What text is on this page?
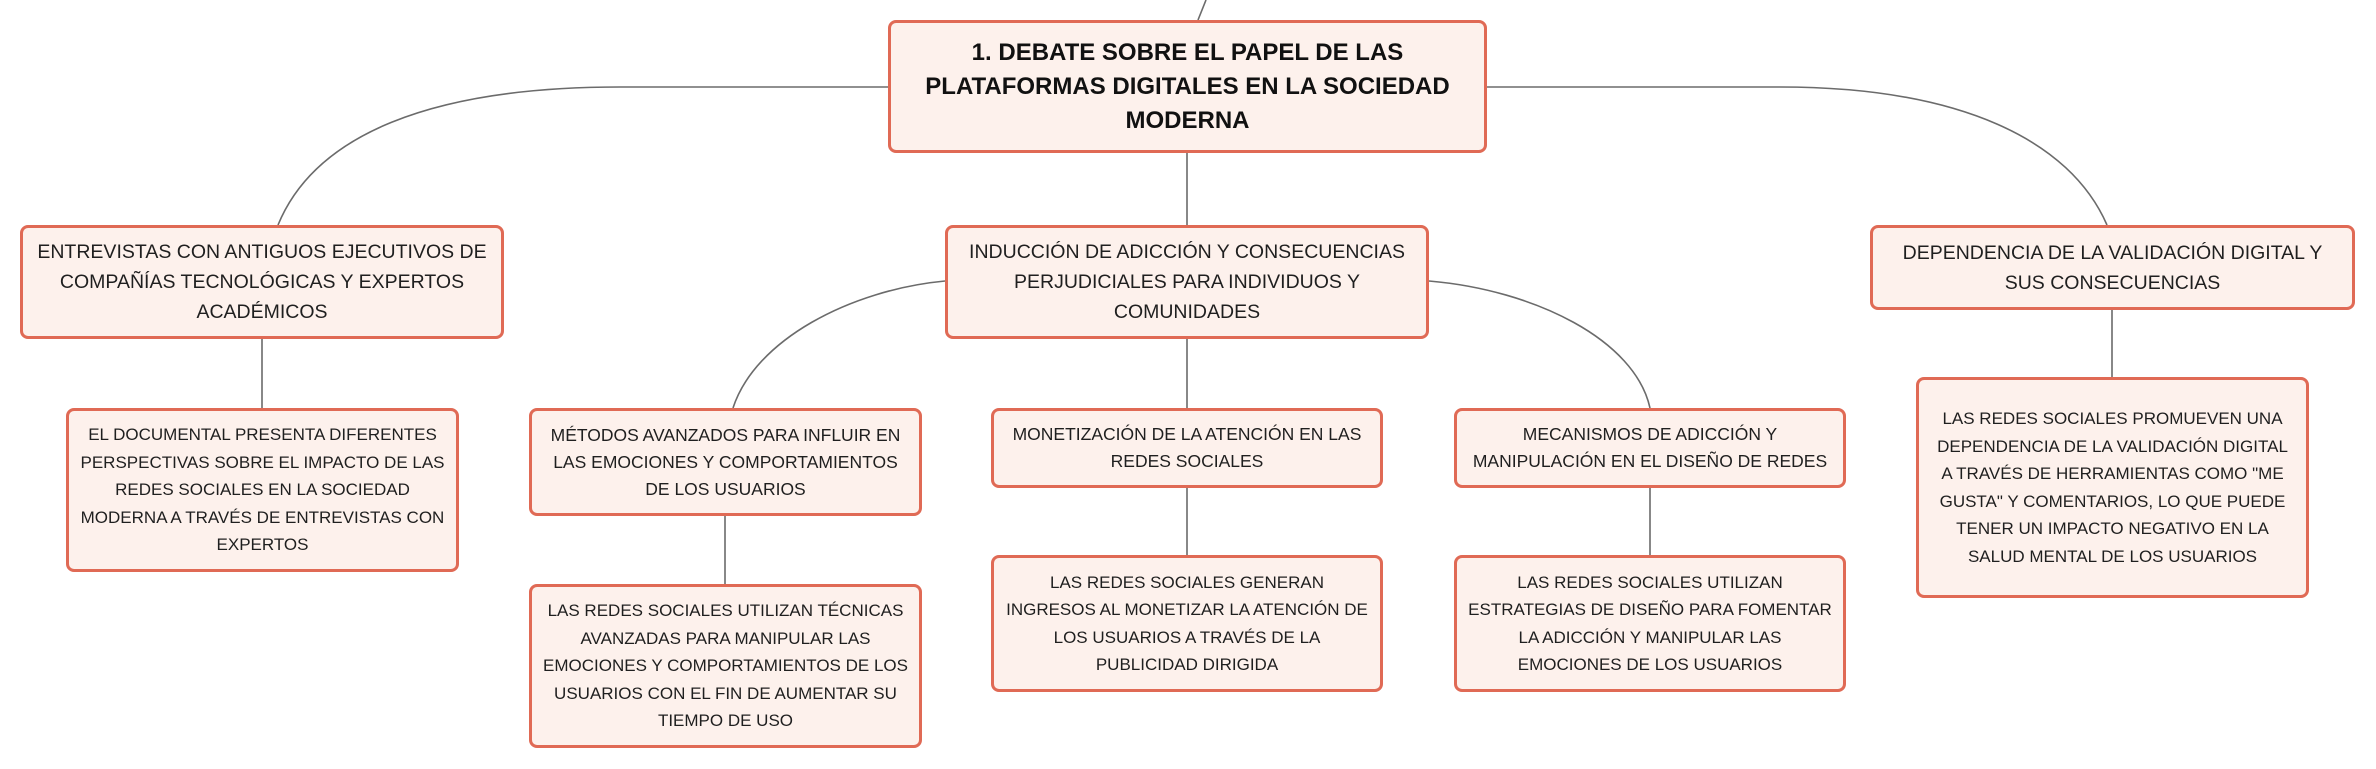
1. DEBATE SOBRE EL PAPEL DE LAS PLATAFORMAS DIGITALES EN LA SOCIEDAD MODERNA
ENTREVISTAS CON ANTIGUOS EJECUTIVOS DE COMPAÑÍAS TECNOLÓGICAS Y EXPERTOS ACADÉMICOS
INDUCCIÓN DE ADICCIÓN Y CONSECUENCIAS PERJUDICIALES PARA INDIVIDUOS Y COMUNIDADES
DEPENDENCIA DE LA VALIDACIÓN DIGITAL Y SUS CONSECUENCIAS
EL DOCUMENTAL PRESENTA DIFERENTES PERSPECTIVAS SOBRE EL IMPACTO DE LAS REDES SOCIALES EN LA SOCIEDAD MODERNA A TRAVÉS DE ENTREVISTAS CON EXPERTOS
MÉTODOS AVANZADOS PARA INFLUIR EN LAS EMOCIONES Y COMPORTAMIENTOS DE LOS USUARIOS
MONETIZACIÓN DE LA ATENCIÓN EN LAS REDES SOCIALES
MECANISMOS DE ADICCIÓN Y MANIPULACIÓN EN EL DISEÑO DE REDES
LAS REDES SOCIALES UTILIZAN TÉCNICAS AVANZADAS PARA MANIPULAR LAS EMOCIONES Y COMPORTAMIENTOS DE LOS USUARIOS CON EL FIN DE AUMENTAR SU TIEMPO DE USO
LAS REDES SOCIALES GENERAN INGRESOS AL MONETIZAR LA ATENCIÓN DE LOS USUARIOS A TRAVÉS DE LA PUBLICIDAD DIRIGIDA
LAS REDES SOCIALES UTILIZAN ESTRATEGIAS DE DISEÑO PARA FOMENTAR LA ADICCIÓN Y MANIPULAR LAS EMOCIONES DE LOS USUARIOS
LAS REDES SOCIALES PROMUEVEN UNA DEPENDENCIA DE LA VALIDACIÓN DIGITAL A TRAVÉS DE HERRAMIENTAS COMO "ME GUSTA" Y COMENTARIOS, LO QUE PUEDE TENER UN IMPACTO NEGATIVO EN LA SALUD MENTAL DE LOS USUARIOS
